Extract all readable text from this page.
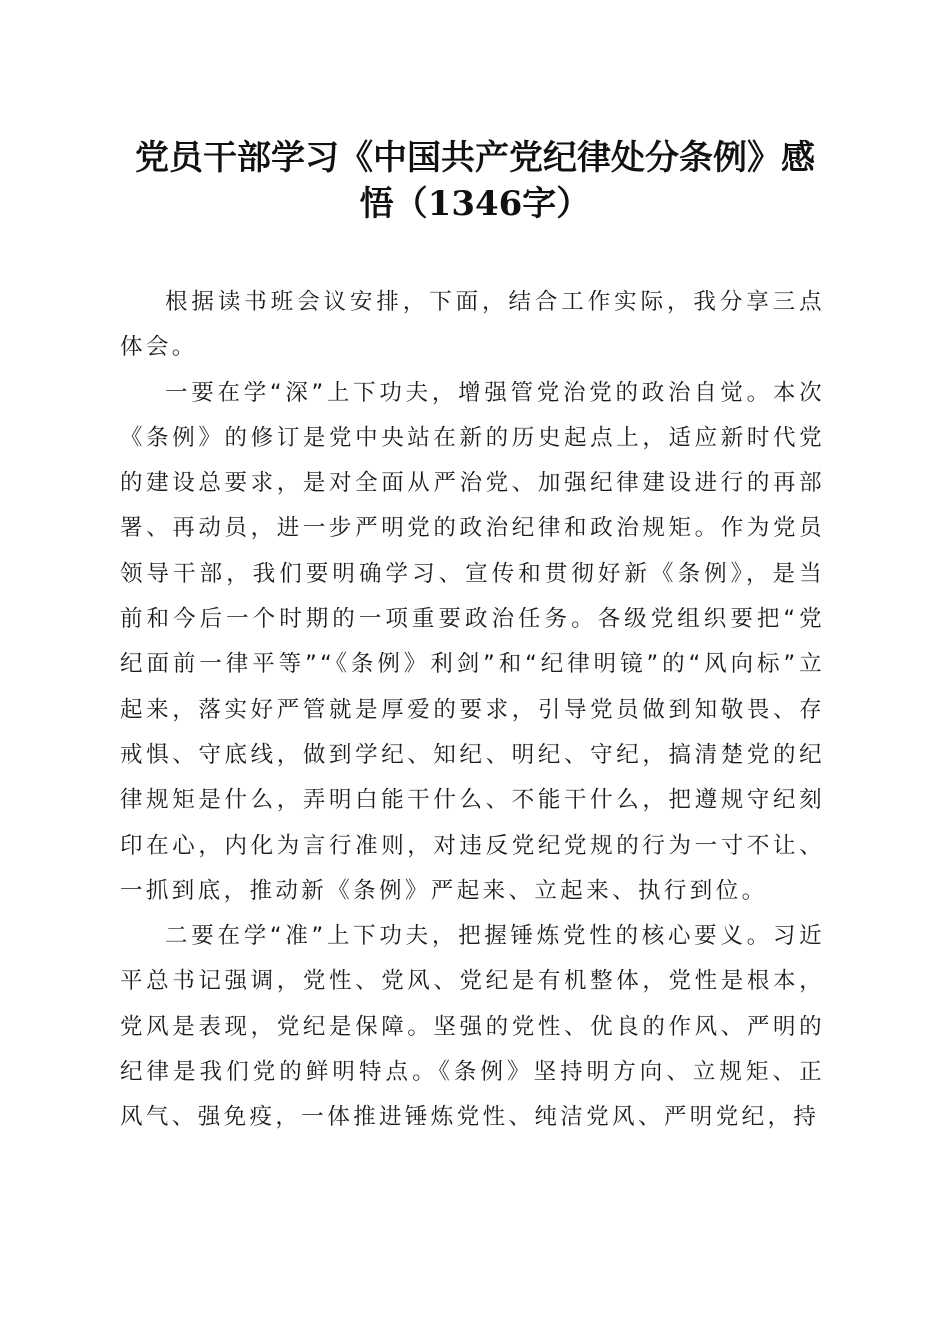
党员干部学习《中国共产党纪律处分条例》感
悟（1346字）

根据读书班会议安排，下面，结合工作实际，我分享三点体会。

一要在学“深”上下功夫，增强管党治党的政治自觉。本次《条例》的修订是党中央站在新的历史起点上，适应新时代党的建设总要求，是对全面从严治党、加强纪律建设进行的再部署、再动员，进一步严明党的政治纪律和政治规矩。作为党员领导干部，我们要明确学习、宣传和贯彻好新《条例》，是当前和今后一个时期的一项重要政治任务。各级党组织要把“党纪面前一律平等”“《条例》利剑”和“纪律明镜”的“风向标”立起来，落实好严管就是厚爱的要求，引导党员做到知敬畏、存戒惧、守底线，做到学纪、知纪、明纪、守纪，搞清楚党的纪律规矩是什么，弄明白能干什么、不能干什么，把遵规守纪刻印在心，内化为言行准则，对违反党纪党规的行为一寸不让、一抓到底，推动新《条例》严起来、立起来、执行到位。

二要在学“准”上下功夫，把握锤炼党性的核心要义。习近平总书记强调，党性、党风、党纪是有机整体，党性是根本，党风是表现，党纪是保障。坚强的党性、优良的作风、严明的纪律是我们党的鲜明特点。《条例》坚持明方向、立规矩、正风气、强免疫，一体推进锤炼党性、纯洁党风、严明党纪，持
